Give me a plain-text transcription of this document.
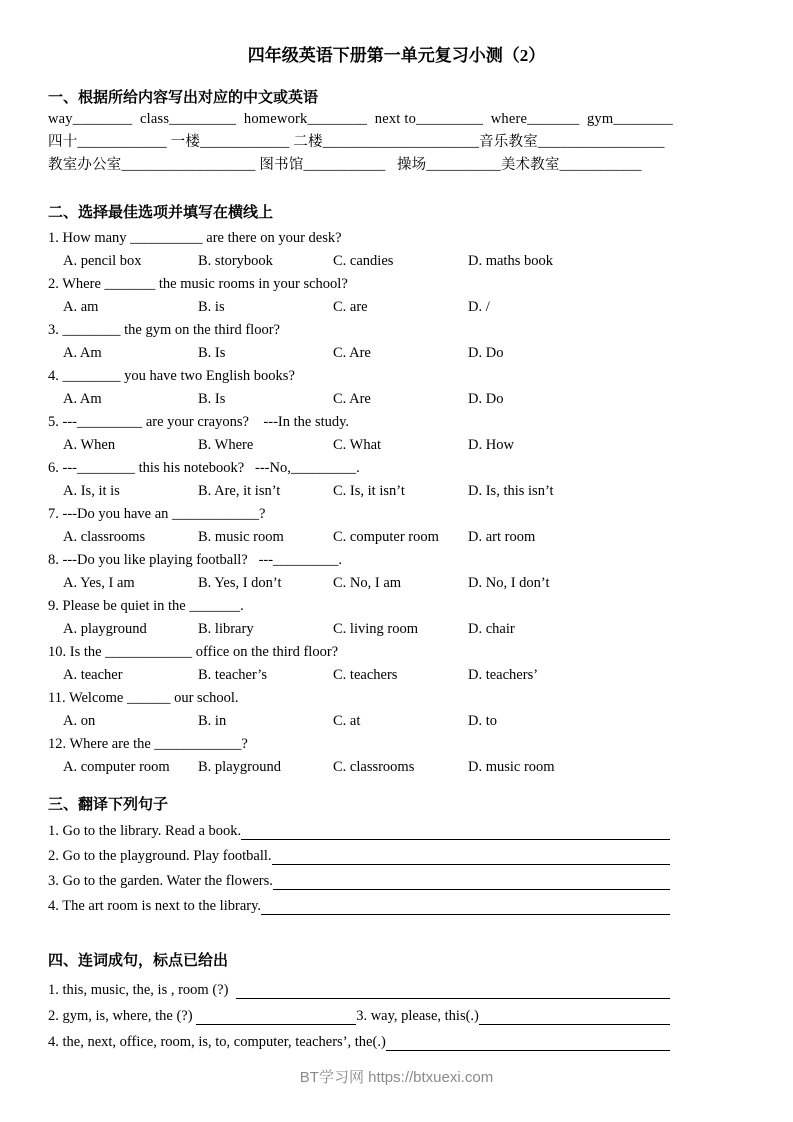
四年级英语下册第一单元复习小测（2）
一、根据所给内容写出对应的中文或英语
way________  class_________  homework________  next to_________  where_______  gym________
四十____________ 一楼____________ 二楼_____________________音乐教室_________________
教室办公室__________________ 图书馆___________   操场__________美术教室___________
二、选择最佳选项并填写在横线上
1. How many __________ are there on your desk?
A. pencil box	B. storybook	C. candies	D. maths book
2. Where _______ the music rooms in your school?
A. am	B. is	C. are	D. /
3. ________ the gym on the third floor?
A. Am	B. Is	C. Are	D. Do
4. ________ you have two English books?
A. Am	B. Is	C. Are	D. Do
5. ---_________ are your crayons?    ---In the study.
A. When	B. Where	C. What	D. How
6. ---________ this his notebook?   ---No,_________.
A. Is, it is	B. Are, it isn’t	C. Is, it isn’t	D. Is, this isn’t
7. ---Do you have an ____________?
A. classrooms	B. music room	C. computer room	D. art room
8. ---Do you like playing football?   ---_________.
A. Yes, I am	B. Yes, I don’t	C. No, I am	D. No, I don’t
9. Please be quiet in the _______.
A. playground	B. library	C. living room	D. chair
10. Is the ____________ office on the third floor?
A. teacher	B. teacher’s	C. teachers	D. teachers’
11. Welcome ______ our school.
A. on	B. in	C. at	D. to
12. Where are the ____________?
A. computer room	B. playground	C. classrooms	D. music room
三、翻译下列句子
1. Go to the library. Read a book.
2. Go to the playground. Play football.
3. Go to the garden. Water the flowers.
4. The art room is next to the library.
四、连词成句，标点已给出
1. this, music, the, is , room (?)
2. gym, is, where, the (?)	3. way, please, this(.)
4. the, next, office, room, is, to, computer, teachers’, the(.)
BT学习网 https://btxuexi.com
